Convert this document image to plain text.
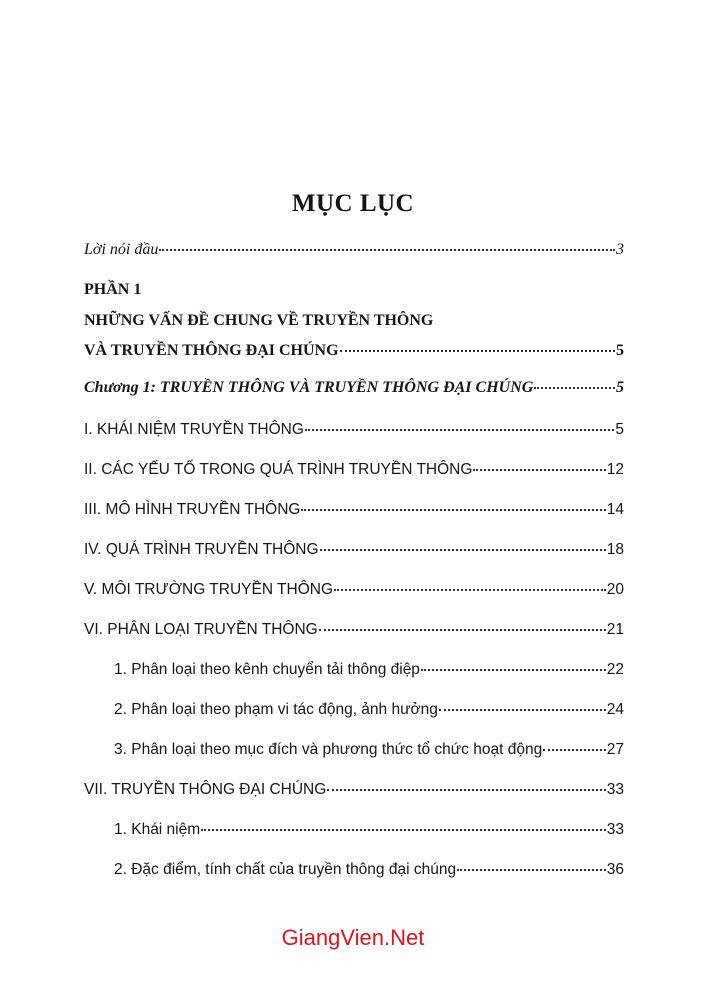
MỤC LỤC
Lời nói đầu	3
PHẦN 1
NHỮNG VẤN ĐỀ CHUNG VỀ TRUYỀN THÔNG
VÀ TRUYỀN THÔNG ĐẠI CHÚNG	5
Chương 1: TRUYỀN THÔNG VÀ TRUYỀN THÔNG ĐẠI CHÚNG	5
I. KHÁI NIỆM TRUYỀN THÔNG	5
II. CÁC YẾU TỐ TRONG QUÁ TRÌNH TRUYỀN THÔNG	12
III. MÔ HÌNH TRUYỀN THÔNG	14
IV. QUÁ TRÌNH TRUYỀN THÔNG	18
V. MÔI TRƯỜNG TRUYỀN THÔNG	20
VI. PHÂN LOẠI TRUYỀN THÔNG	21
1. Phân loại theo kênh chuyển tải thông điệp	22
2. Phân loại theo phạm vi tác động, ảnh hưởng	24
3. Phân loại theo mục đích và phương thức tổ chức hoạt động	27
VII. TRUYỀN THÔNG ĐẠI CHÚNG	33
1. Khái niệm	33
2. Đặc điểm, tính chất của truyền thông đại chúng	36
GiangVien.Net
